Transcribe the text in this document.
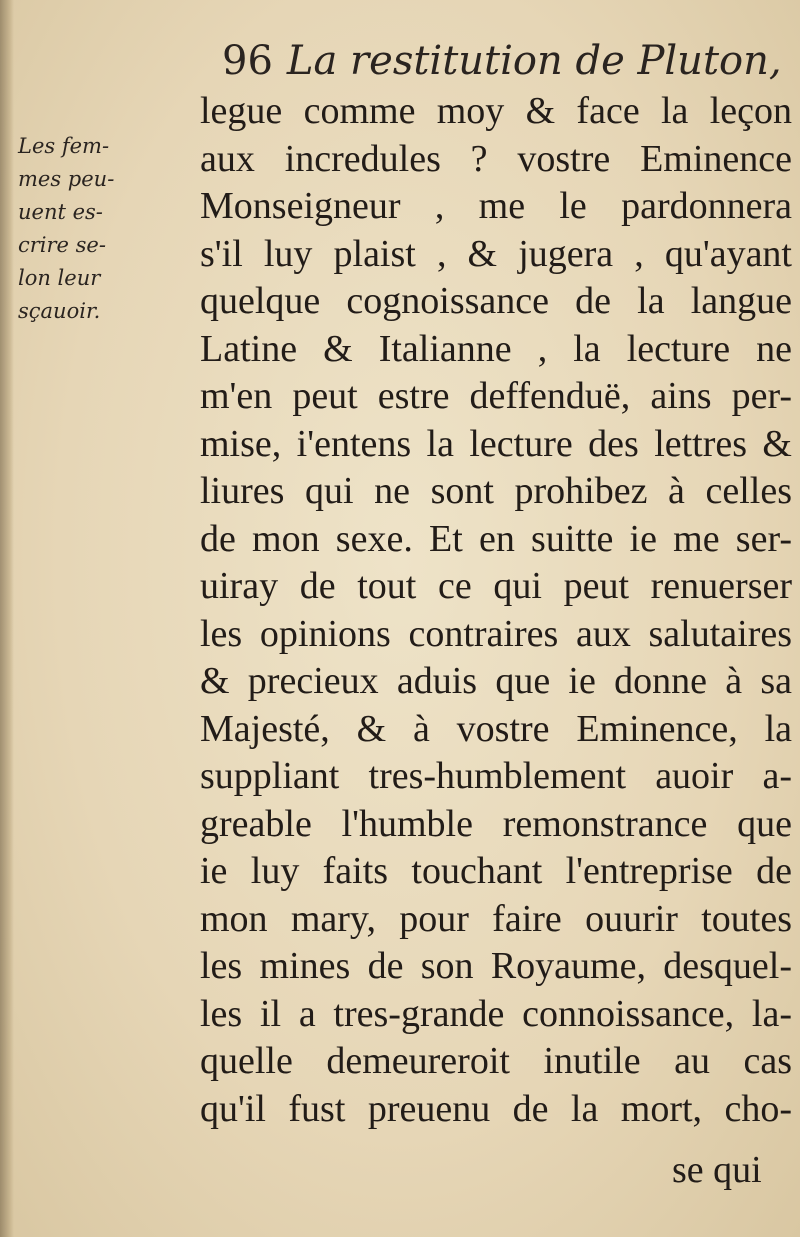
96 La restitution de Pluton,
Les fem-
mes peu-
uent es-
crire se-
lon leur
sçauoir.
legue comme moy & face la leçon
aux incredules ? vostre Eminence
Monseigneur , me le pardonnera
s'il luy plaist , & jugera , qu'ayant
quelque cognoissance de la langue
Latine & Italianne , la lecture ne
m'en peut estre deffenduë, ains per-
mise, i'entens la lecture des lettres &
liures qui ne sont prohibez à celles
de mon sexe. Et en suitte ie me ser-
uiray de tout ce qui peut renuerser
les opinions contraires aux salutaires
& precieux aduis que ie donne à sa
Majesté, & à vostre Eminence, la
suppliant tres-humblement auoir a-
greable l'humble remonstrance que
ie luy faits touchant l'entreprise de
mon mary, pour faire ouurir toutes
les mines de son Royaume, desquel-
les il a tres-grande connoissance, la-
quelle demeureroit inutile au cas
qu'il fust preuenu de la mort, cho-
se qui
